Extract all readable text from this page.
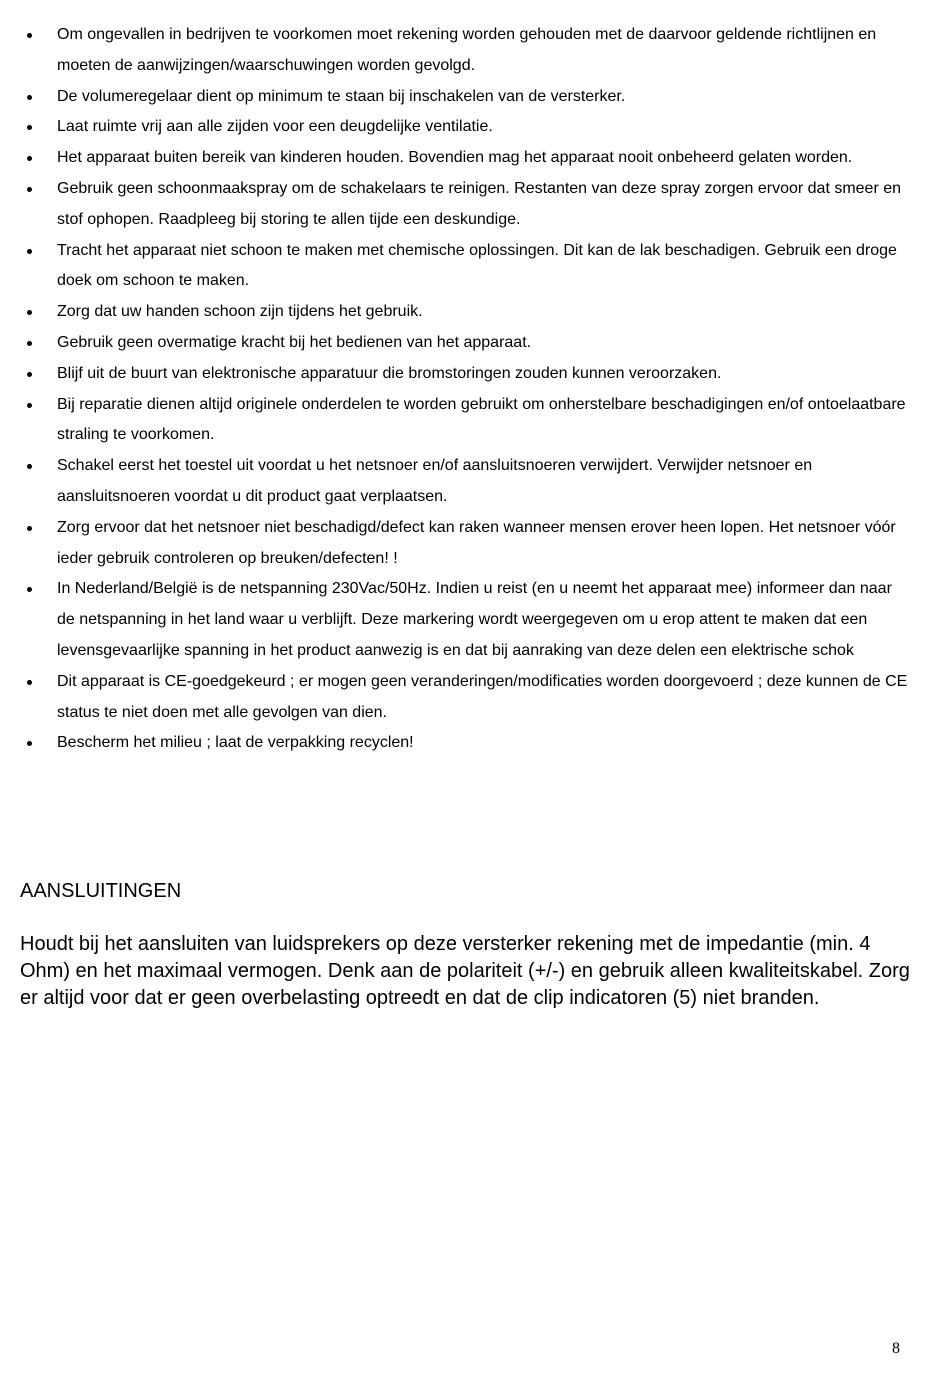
Om ongevallen in bedrijven te voorkomen moet rekening worden gehouden met de daarvoor geldende richtlijnen en moeten de aanwijzingen/waarschuwingen worden gevolgd.
De volumeregelaar dient op minimum te staan bij inschakelen van de versterker.
Laat ruimte vrij aan alle zijden voor een deugdelijke ventilatie.
Het apparaat buiten bereik van kinderen houden. Bovendien mag het apparaat nooit onbeheerd gelaten worden.
Gebruik geen schoonmaakspray om de schakelaars te reinigen. Restanten van deze spray zorgen ervoor dat smeer en stof ophopen. Raadpleeg bij storing te allen tijde een deskundige.
Tracht het apparaat niet schoon te maken met chemische oplossingen. Dit kan de lak beschadigen. Gebruik een droge doek om schoon te maken.
Zorg dat uw handen schoon zijn tijdens het gebruik.
Gebruik geen overmatige kracht bij het bedienen van het apparaat.
Blijf uit de buurt van elektronische apparatuur die bromstoringen zouden kunnen veroorzaken.
Bij reparatie dienen altijd originele onderdelen te worden gebruikt om onherstelbare beschadigingen en/of ontoelaatbare straling te voorkomen.
Schakel eerst het toestel uit voordat u het netsnoer en/of aansluitsnoeren verwijdert. Verwijder netsnoer en aansluitsnoeren voordat u dit product gaat verplaatsen.
Zorg ervoor dat het netsnoer niet beschadigd/defect kan raken wanneer mensen erover heen lopen. Het netsnoer vóór ieder gebruik controleren op breuken/defecten! !
In Nederland/België is de netspanning 230Vac/50Hz. Indien u reist (en u neemt het apparaat mee) informeer dan naar de netspanning in het land waar u verblijft. Deze markering wordt weergegeven om u erop attent te maken dat een levensgevaarlijke spanning in het product aanwezig is en dat bij aanraking van deze delen een elektrische schok
Dit apparaat is CE-goedgekeurd ; er mogen geen veranderingen/modificaties worden doorgevoerd ; deze kunnen de CE status te niet doen met alle gevolgen van dien.
Bescherm het milieu ; laat de verpakking recyclen!
AANSLUITINGEN

Houdt bij het aansluiten van luidsprekers op deze versterker rekening met de impedantie (min. 4 Ohm) en het maximaal vermogen. Denk aan de polariteit (+/-) en gebruik alleen kwaliteitskabel. Zorg er altijd voor dat er geen overbelasting optreedt en dat de clip indicatoren (5) niet branden.

8
